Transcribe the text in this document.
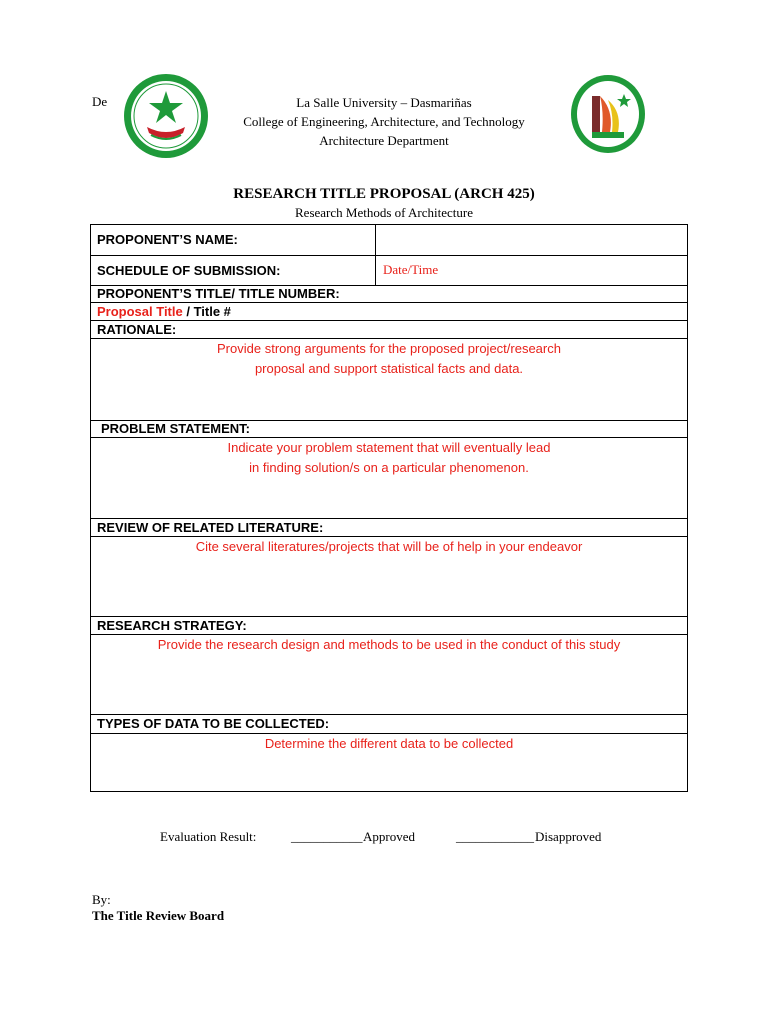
De	La Salle University – Dasmariñas
College of Engineering, Architecture, and Technology
Architecture Department
RESEARCH TITLE PROPOSAL (ARCH 425)
Research Methods of Architecture
PROPONENT’S NAME:
SCHEDULE OF SUBMISSION:	Date/Time
PROPONENT’S TITLE/ TITLE NUMBER:
Proposal Title / Title #
RATIONALE:
Provide strong arguments for the proposed project/research
proposal and support statistical facts and data.
PROBLEM STATEMENT:
Indicate your problem statement that will eventually lead
in finding solution/s on a particular phenomenon.
REVIEW OF RELATED LITERATURE:
Cite several literatures/projects that will be of help in your endeavor
RESEARCH STRATEGY:
Provide the research design and methods to be used in the conduct of this study
TYPES OF DATA TO BE COLLECTED:
Determine the different data to be collected
Evaluation Result:	___________ Approved	____________ Disapproved
By:
The Title Review Board
